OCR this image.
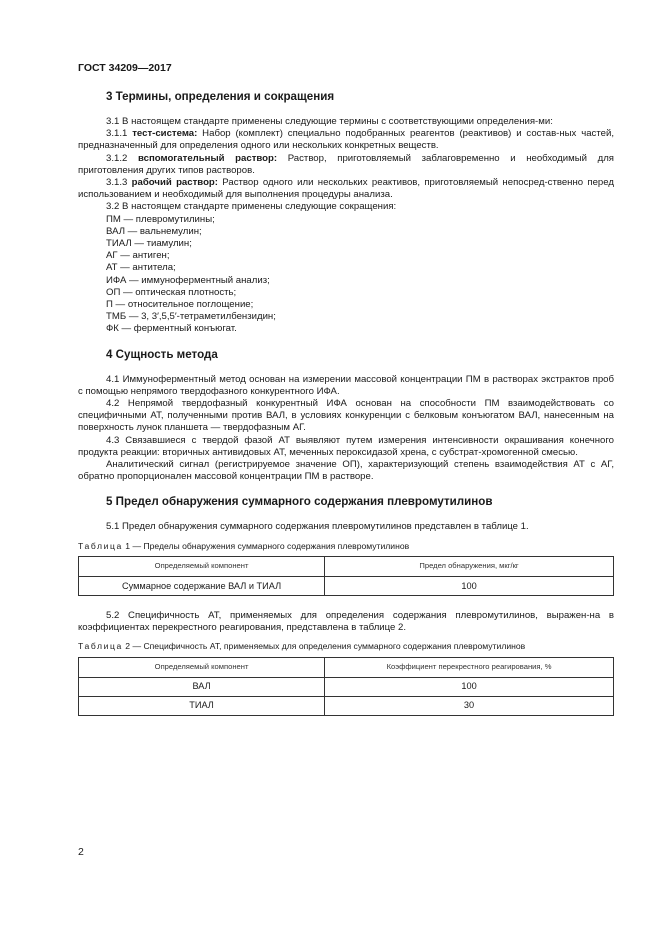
ГОСТ 34209—2017
3 Термины, определения и сокращения

3.1 В настоящем стандарте применены следующие термины с соответствующими определения-ми:

3.1.1 тест-система: Набор (комплект) специально подобранных реагентов (реактивов) и состав-ных частей, предназначенный для определения одного или нескольких конкретных веществ.

3.1.2 вспомогательный раствор: Раствор, приготовляемый заблаговременно и необходимый для приготовления других типов растворов.

3.1.3 рабочий раствор: Раствор одного или нескольких реактивов, приготовляемый непосред-ственно перед использованием и необходимый для выполнения процедуры анализа.

3.2 В настоящем стандарте применены следующие сокращения:

ПМ — плевромутилины;

ВАЛ — вальнемулин;

ТИАЛ — тиамулин;

АГ — антиген;

АТ — антитела;

ИФА — иммуноферментный анализ;

ОП — оптическая плотность;

П — относительное поглощение;

ТМБ — 3, 3′,5,5′-тетраметилбензидин;

ФК — ферментный конъюгат.

4 Сущность метода

4.1 Иммуноферментный метод основан на измерении массовой концентрации ПМ в растворах экстрактов проб с помощью непрямого твердофазного конкурентного ИФА.

4.2 Непрямой твердофазный конкурентный ИФА основан на способности ПМ взаимодействовать со специфичными АТ, полученными против ВАЛ, в условиях конкуренции с белковым конъюгатом ВАЛ, нанесенным на поверхность лунок планшета — твердофазным АГ.

4.3 Связавшиеся с твердой фазой АТ выявляют путем измерения интенсивности окрашивания конечного продукта реакции: вторичных антивидовых АТ, меченных пероксидазой хрена, с субстрат-хромогенной смесью.

Аналитический сигнал (регистрируемое значение ОП), характеризующий степень взаимодействия АТ с АГ, обратно пропорционален массовой концентрации ПМ в растворе.

5 Предел обнаружения суммарного содержания плевромутилинов

5.1 Предел обнаружения суммарного содержания плевромутилинов представлен в таблице 1.

Таблица 1 — Пределы обнаружения суммарного содержания плевромутилинов
Определяемый компонент	Предел обнаружения, мкг/кг
Суммарное содержание ВАЛ и ТИАЛ	100

5.2 Специфичность АТ, применяемых для определения содержания плевромутилинов, выражен-на в коэффициентах перекрестного реагирования, представлена в таблице 2.

Таблица 2 — Специфичность АТ, применяемых для определения суммарного содержания плевромутилинов
Определяемый компонент	Коэффициент перекрестного реагирования, %
ВАЛ	100
ТИАЛ	30
2
